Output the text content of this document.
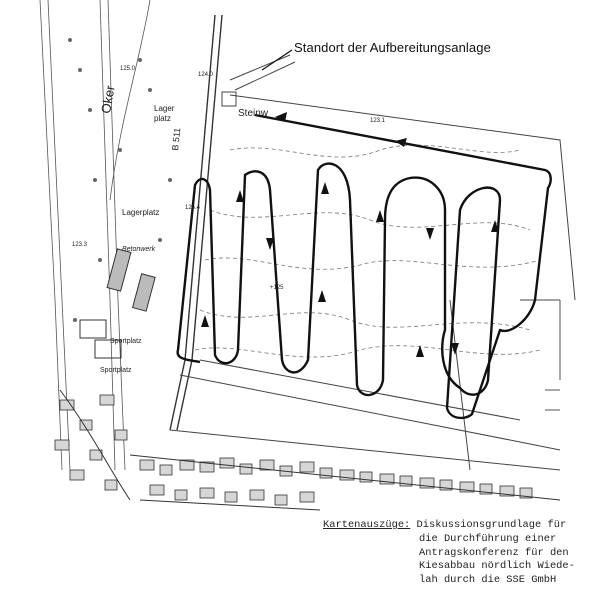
Standort der Aufbereitungsanlage
Steinw
Lager
platz
Lagerplatz
Betonwerk
Sportplatz
Sportplatz
B 511
Oker
125.0
124.0
123.1
125.4
+125
123.3
Kartenauszüge: Diskussionsgrundlage für
die Durchführung einer
Antragskonferenz für den
Kiesabbau nördlich Wiede-
lah durch die SSE GmbH
